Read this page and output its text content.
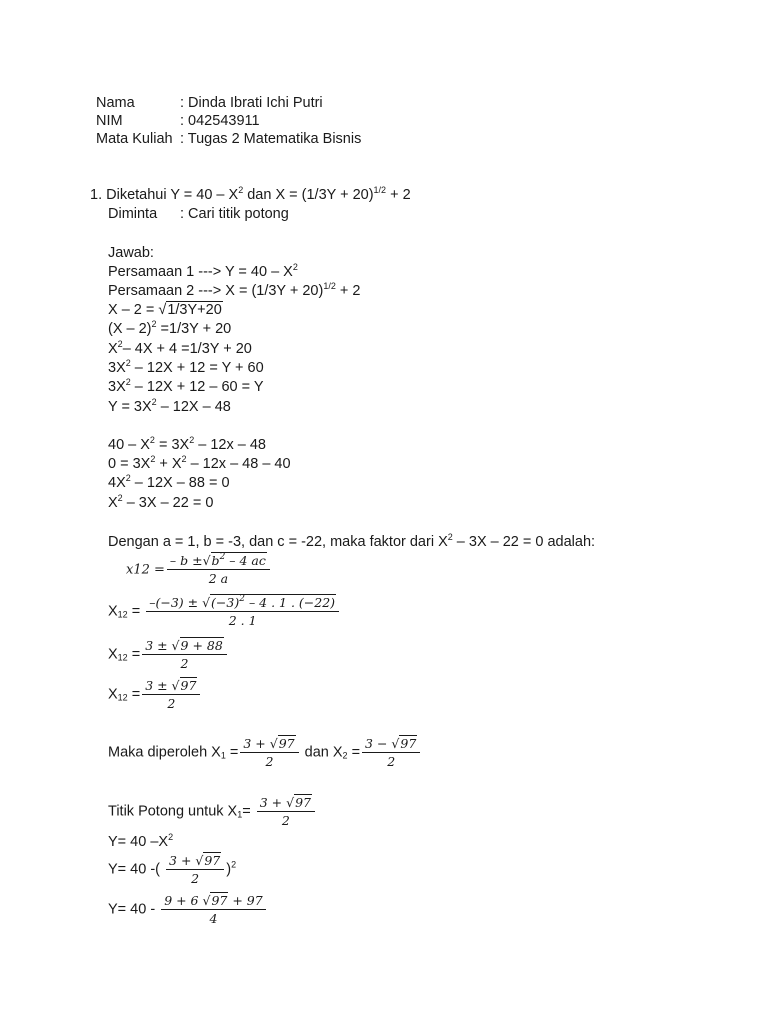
Nama	: Dinda Ibrati Ichi Putri
NIM	: 042543911
Mata Kuliah : Tugas 2 Matematika Bisnis
1. Diketahui $Y = 40 - X^2$ dan $X = (1/3Y + 20)^{1/2} + 2$
Diminta : Cari titik potong
Jawab:
Persamaan 1 ---> $Y = 40 - X^2$
Persamaan 2 ---> $X = (1/3Y + 20)^{1/2} + 2$
X – 2 = √1/3Y+20
(X – 2)$^2$ =1/3Y + 20
$X^2-$ 4X + 4 =1/3Y + 20
$3X^2 - 12X + 12 = Y + 60$
$3X^2 - 12X + 12 - 60 = Y$
$Y = 3X^2 - 12X - 48$
$40 - X^2 = 3X^2 - 12x - 48$
$0 = 3X^2 + X^2 - 12x - 48 - 40$
$4X^2 - 12X - 88 = 0$
$X^2 - 3X - 22 = 0$
Dengan a = 1, b = -3, dan c = -22, maka faktor dari $X^2 - 3X - 22 = 0$ adalah:
$x12 = \frac{- b \pm√b^2 - 4 ac}{2 a}$
$X_{12} = \frac{-(-3) \pm √(-3)^2 - 4 . 1 . (-22)}{2 . 1}$
$X_{12} = \frac{3 \pm √9 + 88}{2}$
$X_{12} = \frac{3 \pm √97}{2}$
Maka diperoleh $X_1 = \frac{3 + √97}{2}$ dan $X_2 = \frac{3 - √97}{2}$
Titik Potong untuk $X_1= \frac{3 + √97}{2}$
Y= 40 $-X^2$
Y= 40 -( $\frac{3 + √97}{2} )^2$
$Y= 40 - \frac{9 + 6 √97 + 97}{4}$
